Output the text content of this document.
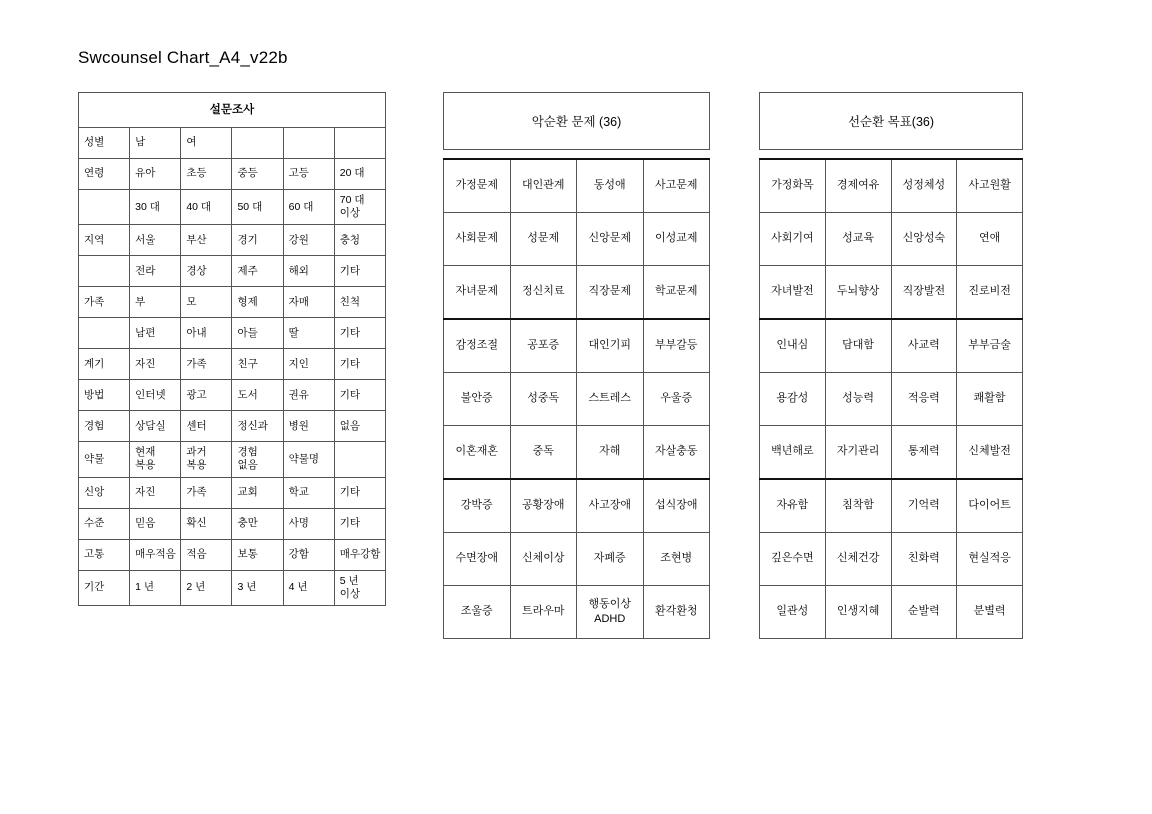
Swcounsel Chart_A4_v22b
설문조사					
성별	남	여			
연령	유아	초등	중등	고등	20 대
	30 대	40 대	50 대	60 대	70 대 이상
지역	서울	부산	경기	강원	충청
	전라	경상	제주	해외	기타
가족	부	모	형제	자매	친척
	남편	아내	아들	딸	기타
계기	자진	가족	친구	지인	기타
방법	인터넷	광고	도서	권유	기타
경험	상담실	센터	정신과	병원	없음
약물	현재 복용	과거 복용	경험 없음	약물명	
신앙	자진	가족	교회	학교	기타
수준	믿음	확신	충만	사명	기타
고통	매우적음	적음	보통	강함	매우강함
기간	1 년	2 년	3 년	4 년	5 년 이상
악순환 문제 (36)
가정문제	대인관계	동성애	사고문제
사회문제	성문제	신앙문제	이성교제
자녀문제	정신치료	직장문제	학교문제
감정조절	공포증	대인기피	부부갈등
불안증	성중독	스트레스	우울증
이혼재혼	중독	자해	자살충동
강박증	공황장애	사고장애	섭식장애
수면장애	신체이상	자폐증	조현병
조울증	트라우마	행동이상 ADHD	환각환청
선순환 목표(36)
가정화목	경제여유	성정체성	사고원활
사회기여	성교육	신앙성숙	연애
자녀발전	두뇌향상	직장발전	진로비전
인내심	담대함	사교력	부부금술
용감성	성능력	적응력	쾌활함
백년해로	자기관리	통제력	신체발전
자유함	침착함	기억력	다이어트
깊은수면	신체건강	친화력	현실적응
일관성	인생지혜	순발력	분별력
